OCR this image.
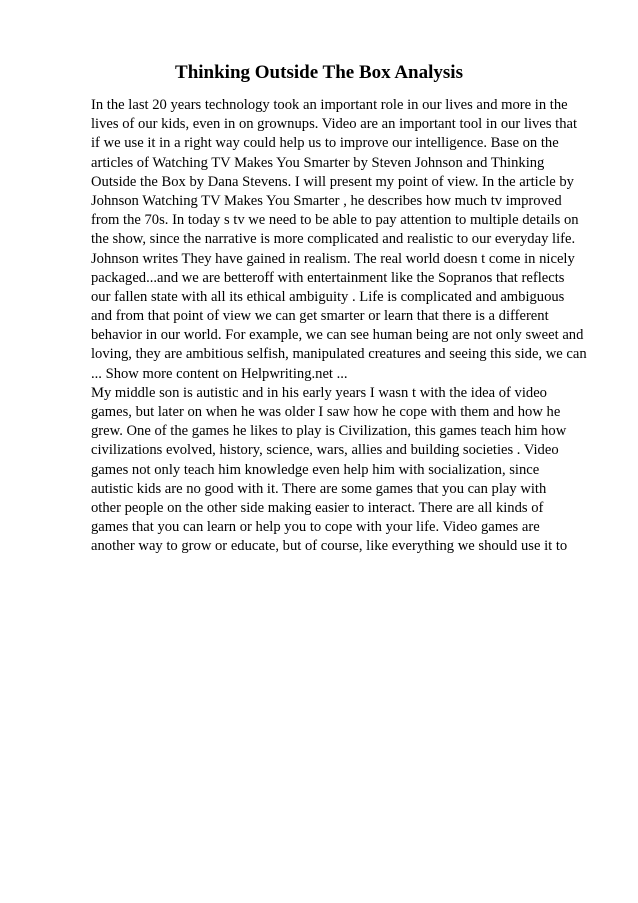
Thinking Outside The Box Analysis
In the last 20 years technology took an important role in our lives and more in the
lives of our kids, even in on grownups. Video are an important tool in our lives that
if we use it in a right way could help us to improve our intelligence. Base on the
articles of Watching TV Makes You Smarter by Steven Johnson and Thinking
Outside the Box by Dana Stevens. I will present my point of view. In the article by
Johnson Watching TV Makes You Smarter , he describes how much tv improved
from the 70s. In today s tv we need to be able to pay attention to multiple details on
the show, since the narrative is more complicated and realistic to our everyday life.
Johnson writes They have gained in realism. The real world doesn t come in nicely
packaged...and we are betteroff with entertainment like the Sopranos that reflects
our fallen state with all its ethical ambiguity . Life is complicated and ambiguous
and from that point of view we can get smarter or learn that there is a different
behavior in our world. For example, we can see human being are not only sweet and
loving, they are ambitious selfish, manipulated creatures and seeing this side, we can
... Show more content on Helpwriting.net ...
My middle son is autistic and in his early years I wasn t with the idea of video
games, but later on when he was older I saw how he cope with them and how he
grew. One of the games he likes to play is Civilization, this games teach him how
civilizations evolved, history, science, wars, allies and building societies . Video
games not only teach him knowledge even help him with socialization, since
autistic kids are no good with it. There are some games that you can play with
other people on the other side making easier to interact. There are all kinds of
games that you can learn or help you to cope with your life. Video games are
another way to grow or educate, but of course, like everything we should use it to
